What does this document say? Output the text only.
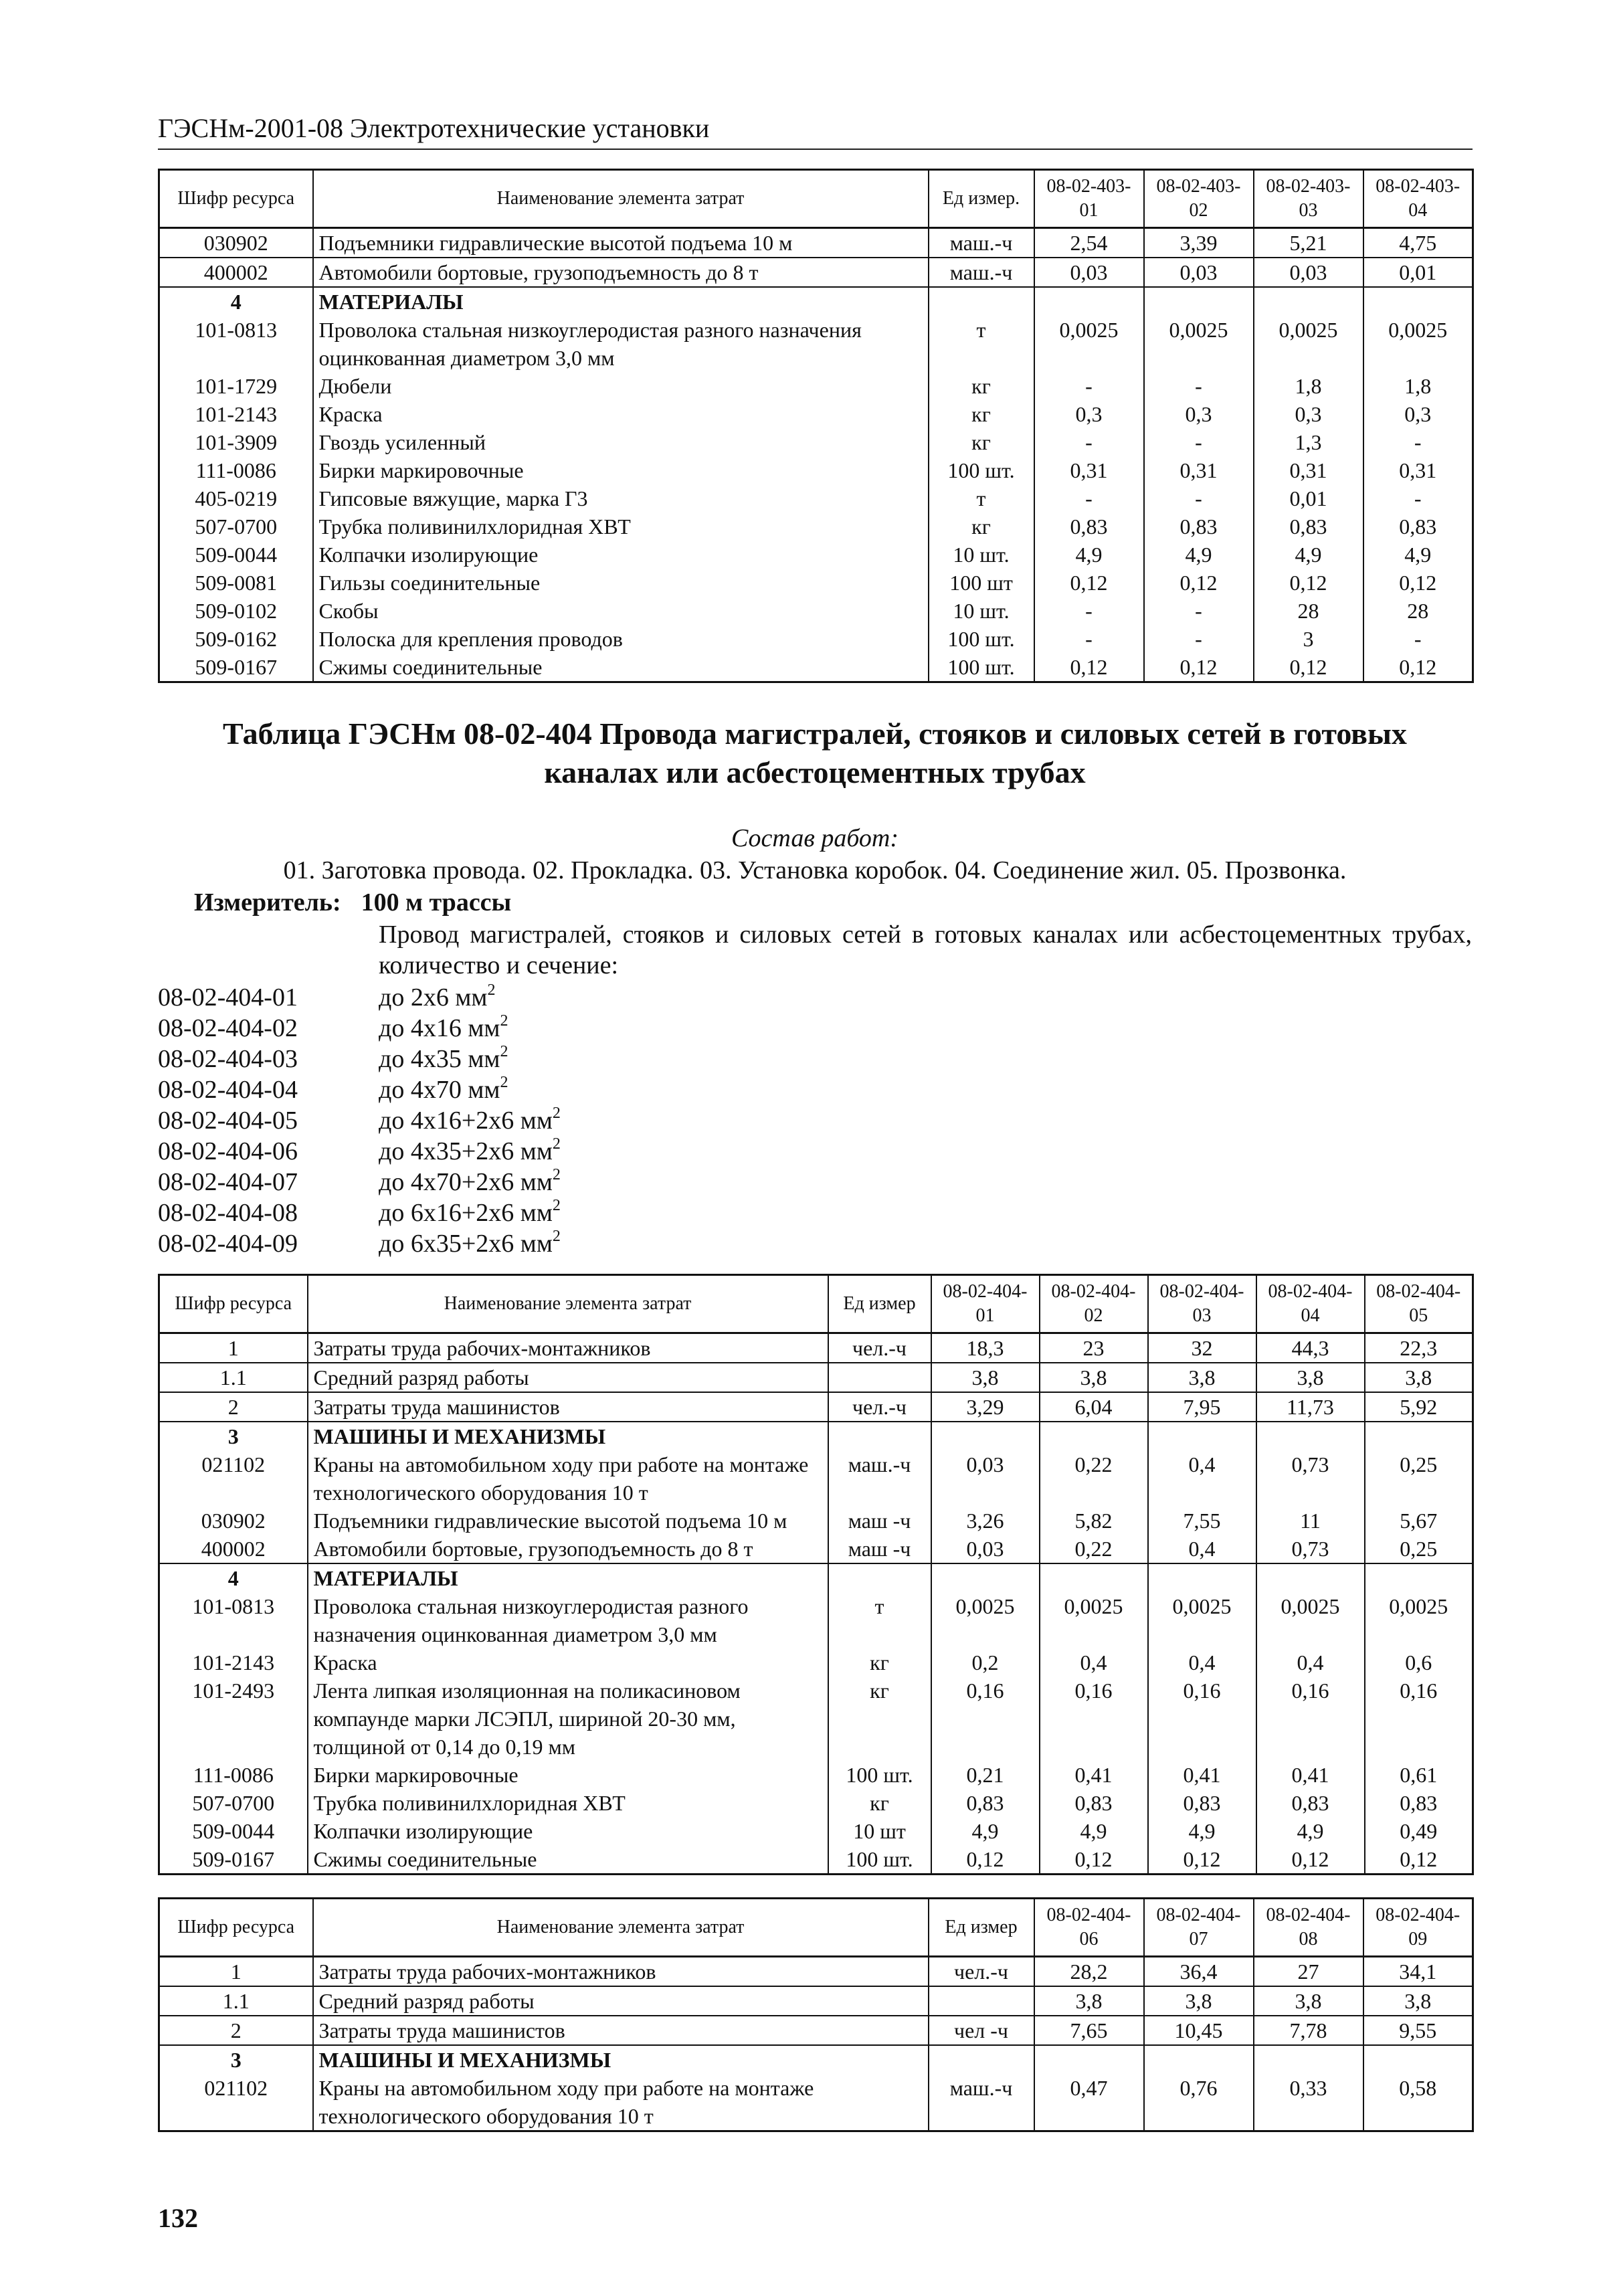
ГЭСНм-2001-08 Электротехнические установки
Шифр ресурса	Наименование элемента затрат	Ед измер.	08-02-403-01	08-02-403-02	08-02-403-03	08-02-403-04
030902	Подъемники гидравлические высотой подъема 10 м	маш.-ч	2,54	3,39	5,21	4,75
400002	Автомобили бортовые, грузоподъемность до 8 т	маш.-ч	0,03	0,03	0,03	0,01
4	МАТЕРИАЛЫ					
101-0813	Проволока стальная низкоуглеродистая разного назначения оцинкованная диаметром 3,0 мм	т	0,0025	0,0025	0,0025	0,0025
101-1729	Дюбели	кг	-	-	1,8	1,8
101-2143	Краска	кг	0,3	0,3	0,3	0,3
101-3909	Гвоздь усиленный	кг	-	-	1,3	-
111-0086	Бирки маркировочные	100 шт.	0,31	0,31	0,31	0,31
405-0219	Гипсовые вяжущие, марка Г3	т	-	-	0,01	-
507-0700	Трубка поливинилхлоридная ХВТ	кг	0,83	0,83	0,83	0,83
509-0044	Колпачки изолирующие	10 шт.	4,9	4,9	4,9	4,9
509-0081	Гильзы соединительные	100 шт	0,12	0,12	0,12	0,12
509-0102	Скобы	10 шт.	-	-	28	28
509-0162	Полоска для крепления проводов	100 шт.	-	-	3	-
509-0167	Сжимы соединительные	100 шт.	0,12	0,12	0,12	0,12
Таблица ГЭСНм 08-02-404 Провода магистралей, стояков и силовых сетей в готовых
каналах или асбестоцементных трубах
Состав работ:
01. Заготовка провода. 02. Прокладка. 03. Установка коробок. 04. Соединение жил. 05. Прозвонка.
Измеритель: 100 м трассы
Провод магистралей, стояков и силовых сетей в готовых каналах или асбестоцементных трубах, количество и сечение:
08-02-404-01	до 2х6 $мм^2$
08-02-404-02	до 4х16 $мм^2$
08-02-404-03	до 4х35 $мм^2$
08-02-404-04	до 4х70 $мм^2$
08-02-404-05	до 4х16+2х6 $мм^2$
08-02-404-06	до 4х35+2х6 $мм^2$
08-02-404-07	до 4х70+2х6 $мм^2$
08-02-404-08	до 6х16+2х6 $мм^2$
08-02-404-09	до 6х35+2х6 $мм^2$
Шифр ресурса	Наименование элемента затрат	Ед измер	08-02-404-01	08-02-404-02	08-02-404-03	08-02-404-04	08-02-404-05
1	Затраты труда рабочих-монтажников	чел.-ч	18,3	23	32	44,3	22,3
1.1	Средний разряд работы		3,8	3,8	3,8	3,8	3,8
2	Затраты труда машинистов	чел.-ч	3,29	6,04	7,95	11,73	5,92
3	МАШИНЫ И МЕХАНИЗМЫ						
021102	Краны на автомобильном ходу при работе на монтаже технологического оборудования 10 т	маш.-ч	0,03	0,22	0,4	0,73	0,25
030902	Подъемники гидравлические высотой подъема 10 м	маш -ч	3,26	5,82	7,55	11	5,67
400002	Автомобили бортовые, грузоподъемность до 8 т	маш -ч	0,03	0,22	0,4	0,73	0,25
4	МАТЕРИАЛЫ						
101-0813	Проволока стальная низкоуглеродистая разного назначения оцинкованная диаметром 3,0 мм	т	0,0025	0,0025	0,0025	0,0025	0,0025
101-2143	Краска	кг	0,2	0,4	0,4	0,4	0,6
101-2493	Лента липкая изоляционная на поликасиновом компаунде марки ЛСЭПЛ, шириной 20-30 мм, толщиной от 0,14 до 0,19 мм	кг	0,16	0,16	0,16	0,16	0,16
111-0086	Бирки маркировочные	100 шт.	0,21	0,41	0,41	0,41	0,61
507-0700	Трубка поливинилхлоридная ХВТ	кг	0,83	0,83	0,83	0,83	0,83
509-0044	Колпачки изолирующие	10 шт	4,9	4,9	4,9	4,9	0,49
509-0167	Сжимы соединительные	100 шт.	0,12	0,12	0,12	0,12	0,12
Шифр ресурса	Наименование элемента затрат	Ед измер	08-02-404-06	08-02-404-07	08-02-404-08	08-02-404-09
1	Затраты труда рабочих-монтажников	чел.-ч	28,2	36,4	27	34,1
1.1	Средний разряд работы		3,8	3,8	3,8	3,8
2	Затраты труда машинистов	чел -ч	7,65	10,45	7,78	9,55
3	МАШИНЫ И МЕХАНИЗМЫ					
021102	Краны на автомобильном ходу при работе на монтаже технологического оборудования 10 т	маш.-ч	0,47	0,76	0,33	0,58
132
